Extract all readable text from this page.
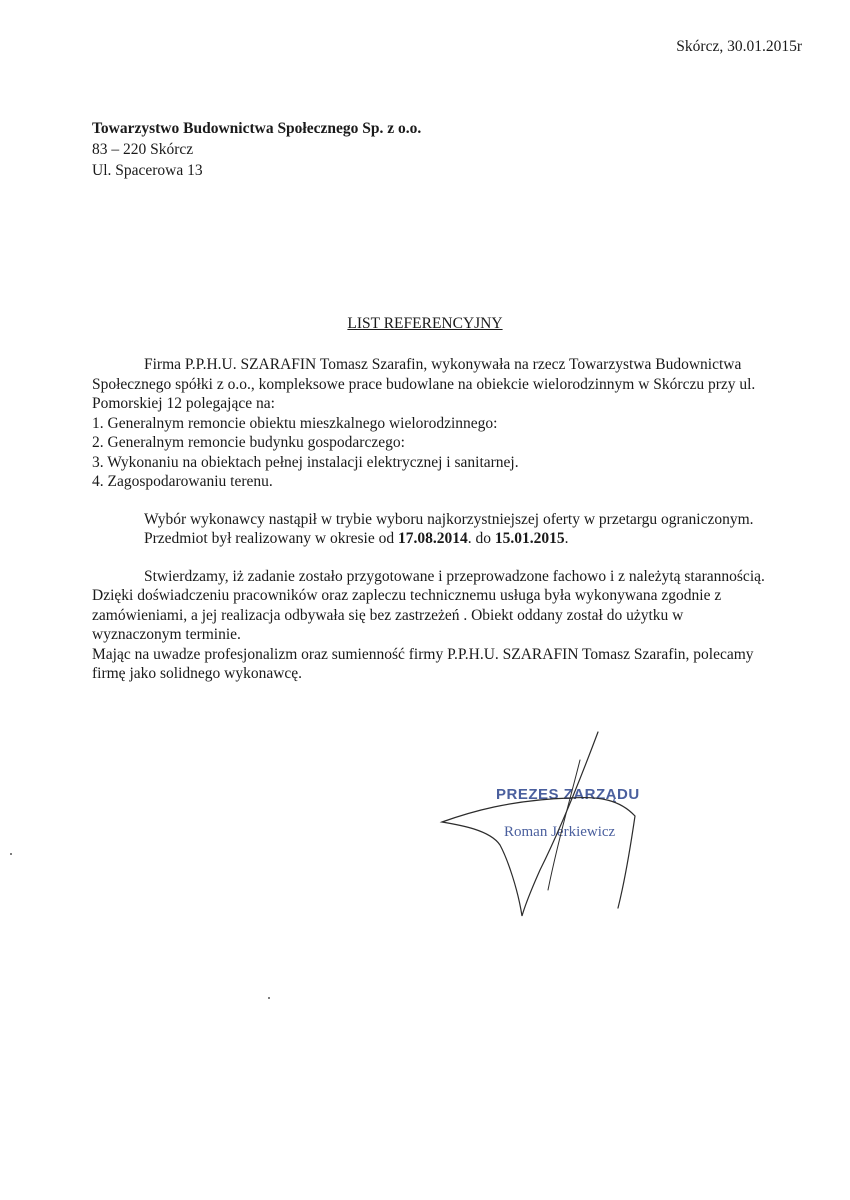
Skórcz, 30.01.2015r
Towarzystwo Budownictwa Społecznego Sp. z o.o.
83 – 220 Skórcz
Ul. Spacerowa 13
LIST REFERENCYJNY

Firma P.P.H.U. SZARAFIN Tomasz Szarafin, wykonywała na rzecz Towarzystwa Budownictwa Społecznego spółki z o.o., kompleksowe prace budowlane na obiekcie wielorodzinnym w Skórczu przy ul. Pomorskiej 12 polegające na:

1. Generalnym remoncie obiektu mieszkalnego wielorodzinnego:
2. Generalnym remoncie budynku gospodarczego:
3. Wykonaniu na obiektach pełnej instalacji elektrycznej i sanitarnej.
4. Zagospodarowaniu terenu.

Wybór wykonawcy nastąpił w trybie wyboru najkorzystniejszej oferty w przetargu ograniczonym.

Przedmiot był realizowany w okresie od 17.08.2014. do 15.01.2015.

Stwierdzamy, iż zadanie zostało przygotowane i przeprowadzone fachowo i z należytą starannością. Dzięki doświadczeniu pracowników oraz zapleczu technicznemu usługa była wykonywana zgodnie z zamówieniami, a jej realizacja odbywała się bez zastrzeżeń . Obiekt oddany został do użytku w wyznaczonym terminie.

Mając na uwadze profesjonalizm oraz sumienność firmy P.P.H.U. SZARAFIN Tomasz Szarafin, polecamy firmę jako solidnego wykonawcę.

PREZES ZARZĄDU
Roman Jerkiewicz
